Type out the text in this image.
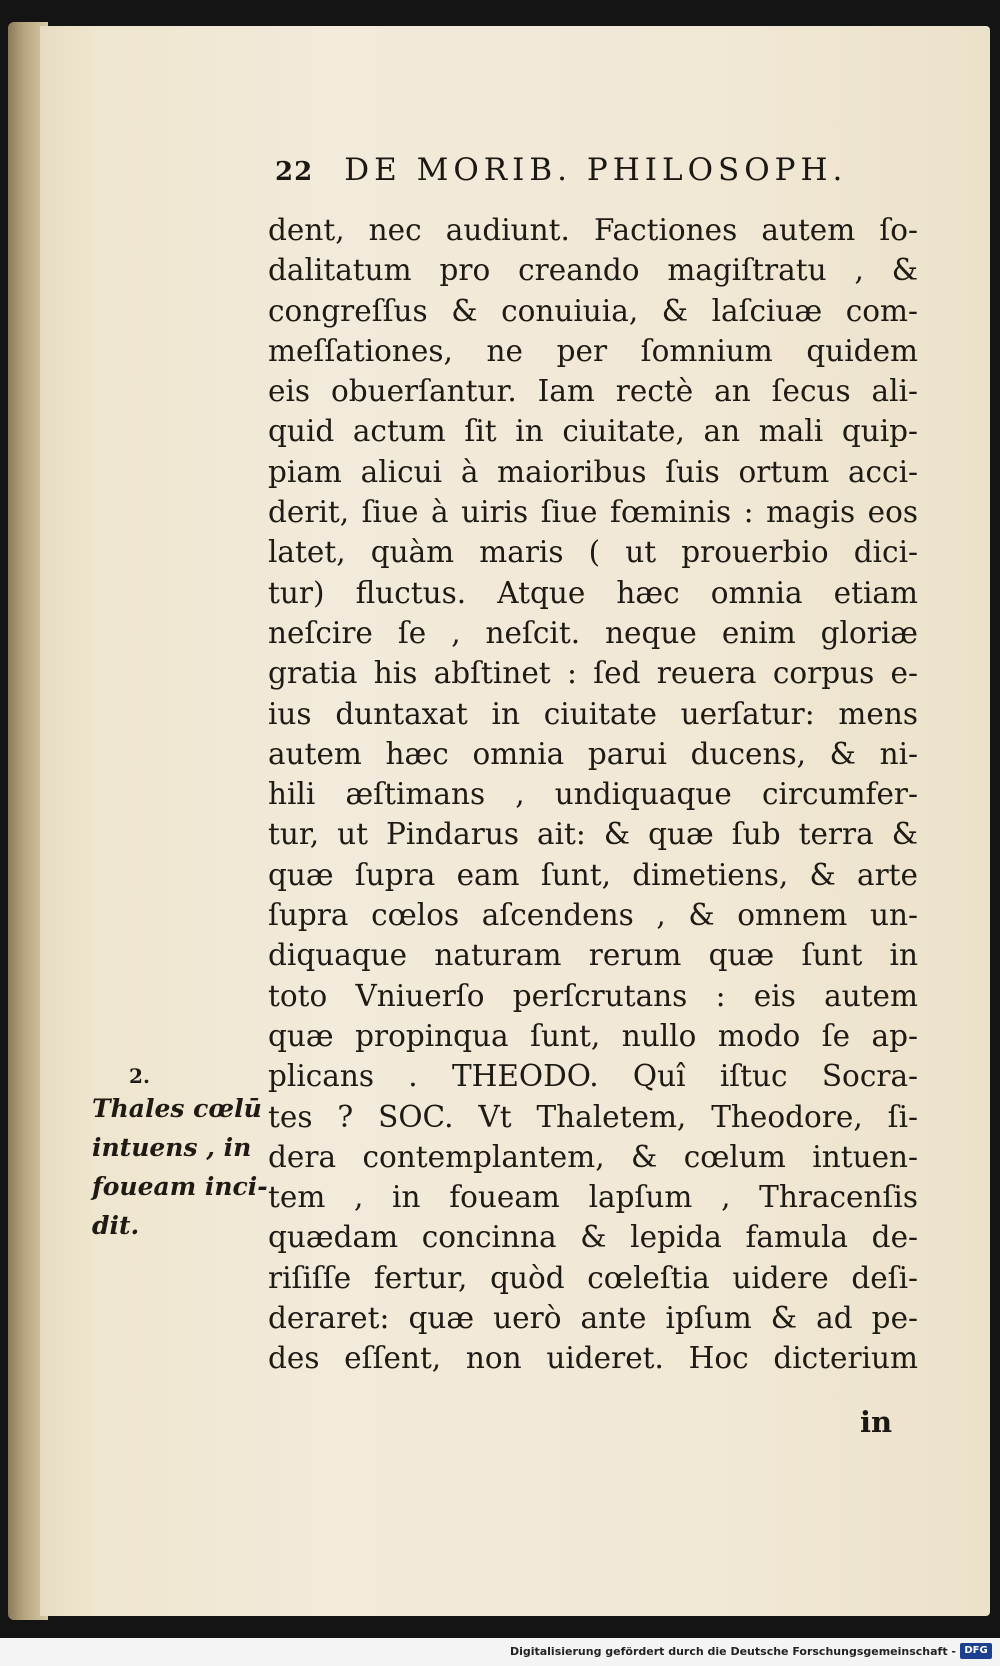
22 DE MORIB. PHILOSOPH.
dent, nec audiunt. Factiones autem ſo-
dalitatum pro creando magiſtratu , &
congreſſus & conuiuia, & laſciuæ com-
meſſationes, ne per ſomnium quidem
eis obuerſantur. Iam rectè an ſecus ali-
quid actum ſit in ciuitate, an mali quip-
piam alicui à maioribus ſuis ortum acci-
derit, ſiue à uiris ſiue fœminis : magis eos
latet, quàm maris ( ut prouerbio dici-
tur) fluctus. Atque hæc omnia etiam
neſcire ſe , neſcit. neque enim gloriæ
gratia his abſtinet : ſed reuera corpus e-
ius duntaxat in ciuitate uerſatur: mens
autem hæc omnia parui ducens, & ni-
hili æſtimans , undiquaque circumfer-
tur, ut Pindarus ait: & quæ ſub terra &
quæ ſupra eam ſunt, dimetiens, & arte
ſupra cœlos aſcendens , & omnem un-
diquaque naturam rerum quæ ſunt in
toto Vniuerſo perſcrutans : eis autem
quæ propinqua ſunt, nullo modo ſe ap-
plicans . THEODO. Quî iſtuc Socra-
tes ? SOC. Vt Thaletem, Theodore, ſi-
dera contemplantem, & cœlum intuen-
tem , in foueam lapſum , Thracenſis
quædam concinna & lepida famula de-
riſiſſe fertur, quòd cœleſtia uidere deſi-
deraret: quæ uerò ante ipſum & ad pe-
des eſſent, non uideret. Hoc dicterium
in
2.
Thales cœlū
intuens , in
foueam inci-
dit.
Digitalisierung gefördert durch die Deutsche Forschungsgemeinschaft - DFG
